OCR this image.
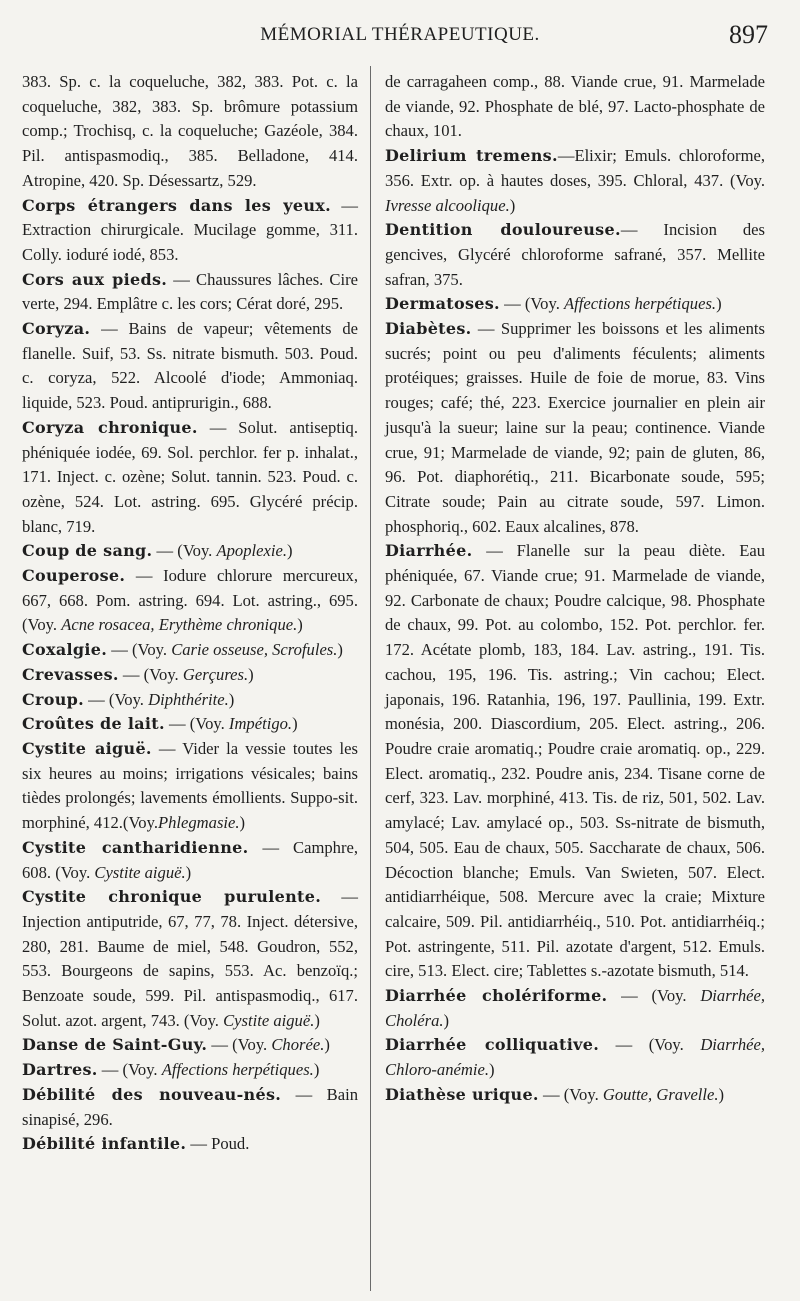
MÉMORIAL THÉRAPEUTIQUE.	897

383. Sp. c. la coqueluche, 382, 383. Pot. c. la coqueluche, 382, 383. Sp. brômure potassium comp.; Trochisq, c. la coqueluche; Gazéole, 384. Pil. antispasmodiq., 385. Belladone, 414. Atropine, 420. Sp. Désessartz, 529.

Corps étrangers dans les yeux. — Extraction chirurgicale. Mucilage gomme, 311. Colly. ioduré iodé, 853.

Cors aux pieds. — Chaussures lâches. Cire verte, 294. Emplâtre c. les cors; Cérat doré, 295.

Coryza. — Bains de vapeur; vêtements de flanelle. Suif, 53. Ss. nitrate bismuth. 503. Poud. c. coryza, 522. Alcoolé d'iode; Ammoniaq. liquide, 523. Poud. antiprurigin., 688.

Coryza chronique. — Solut. antiseptiq. phéniquée iodée, 69. Sol. perchlor. fer p. inhalat., 171. Inject. c. ozène; Solut. tannin. 523. Poud. c. ozène, 524. Lot. astring. 695. Glycéré précip. blanc, 719.

Coup de sang. — (Voy. Apoplexie.)

Couperose. — Iodure chlorure mercureux, 667, 668. Pom. astring. 694. Lot. astring., 695. (Voy. Acne rosacea, Erythème chronique.)

Coxalgie. — (Voy. Carie osseuse, Scrofules.)

Crevasses. — (Voy. Gerçures.)

Croup. — (Voy. Diphthérite.)

Croûtes de lait. — (Voy. Impétigo.)

Cystite aiguë. — Vider la vessie toutes les six heures au moins; irrigations vésicales; bains tièdes prolongés; lavements émollients. Suppo-sit. morphiné, 412.(Voy.Phlegmasie.)

Cystite cantharidienne. — Camphre, 608. (Voy. Cystite aiguë.)

Cystite chronique purulente. — Injection antiputride, 67, 77, 78. Inject. détersive, 280, 281. Baume de miel, 548. Goudron, 552, 553. Bourgeons de sapins, 553. Ac. benzoïq.; Benzoate soude, 599. Pil. antispasmodiq., 617. Solut. azot. argent, 743. (Voy. Cystite aiguë.)

Danse de Saint-Guy. — (Voy. Chorée.)

Dartres. — (Voy. Affections herpétiques.)

Débilité des nouveau-nés. — Bain sinapisé, 296.

Débilité infantile. — Poud.

de carragaheen comp., 88. Viande crue, 91. Marmelade de viande, 92. Phosphate de blé, 97. Lacto-phosphate de chaux, 101.

Delirium tremens.—Elixir; Emuls. chloroforme, 356. Extr. op. à hautes doses, 395. Chloral, 437. (Voy. Ivresse alcoolique.)

Dentition douloureuse.— Incision des gencives, Glycéré chloroforme safrané, 357. Mellite safran, 375.

Dermatoses. — (Voy. Affections herpétiques.)

Diabètes. — Supprimer les boissons et les aliments sucrés; point ou peu d'aliments féculents; aliments protéiques; graisses. Huile de foie de morue, 83. Vins rouges; café; thé, 223. Exercice journalier en plein air jusqu'à la sueur; laine sur la peau; continence. Viande crue, 91; Marmelade de viande, 92; pain de gluten, 86, 96. Pot. diaphorétiq., 211. Bicarbonate soude, 595; Citrate soude; Pain au citrate soude, 597. Limon. phosphoriq., 602. Eaux alcalines, 878.

Diarrhée. — Flanelle sur la peau diète. Eau phéniquée, 67. Viande crue; 91. Marmelade de viande, 92. Carbonate de chaux; Poudre calcique, 98. Phosphate de chaux, 99. Pot. au colombo, 152. Pot. perchlor. fer. 172. Acétate plomb, 183, 184. Lav. astring., 191. Tis. cachou, 195, 196. Tis. astring.; Vin cachou; Elect. japonais, 196. Ratanhia, 196, 197. Paullinia, 199. Extr. monésia, 200. Diascordium, 205. Elect. astring., 206. Poudre craie aromatiq.; Poudre craie aromatiq. op., 229. Elect. aromatiq., 232. Poudre anis, 234. Tisane corne de cerf, 323. Lav. morphiné, 413. Tis. de riz, 501, 502. Lav. amylacé; Lav. amylacé op., 503. Ss-nitrate de bismuth, 504, 505. Eau de chaux, 505. Saccharate de chaux, 506. Décoction blanche; Emuls. Van Swieten, 507. Elect. antidiarrhéique, 508. Mercure avec la craie; Mixture calcaire, 509. Pil. antidiarrhéiq., 510. Pot. antidiarrhéiq.; Pot. astringente, 511. Pil. azotate d'argent, 512. Emuls. cire, 513. Elect. cire; Tablettes s.-azotate bismuth, 514.

Diarrhée cholériforme. — (Voy. Diarrhée, Choléra.)

Diarrhée colliquative. — (Voy. Diarrhée, Chloro-anémie.)

Diathèse urique. — (Voy. Goutte, Gravelle.)
